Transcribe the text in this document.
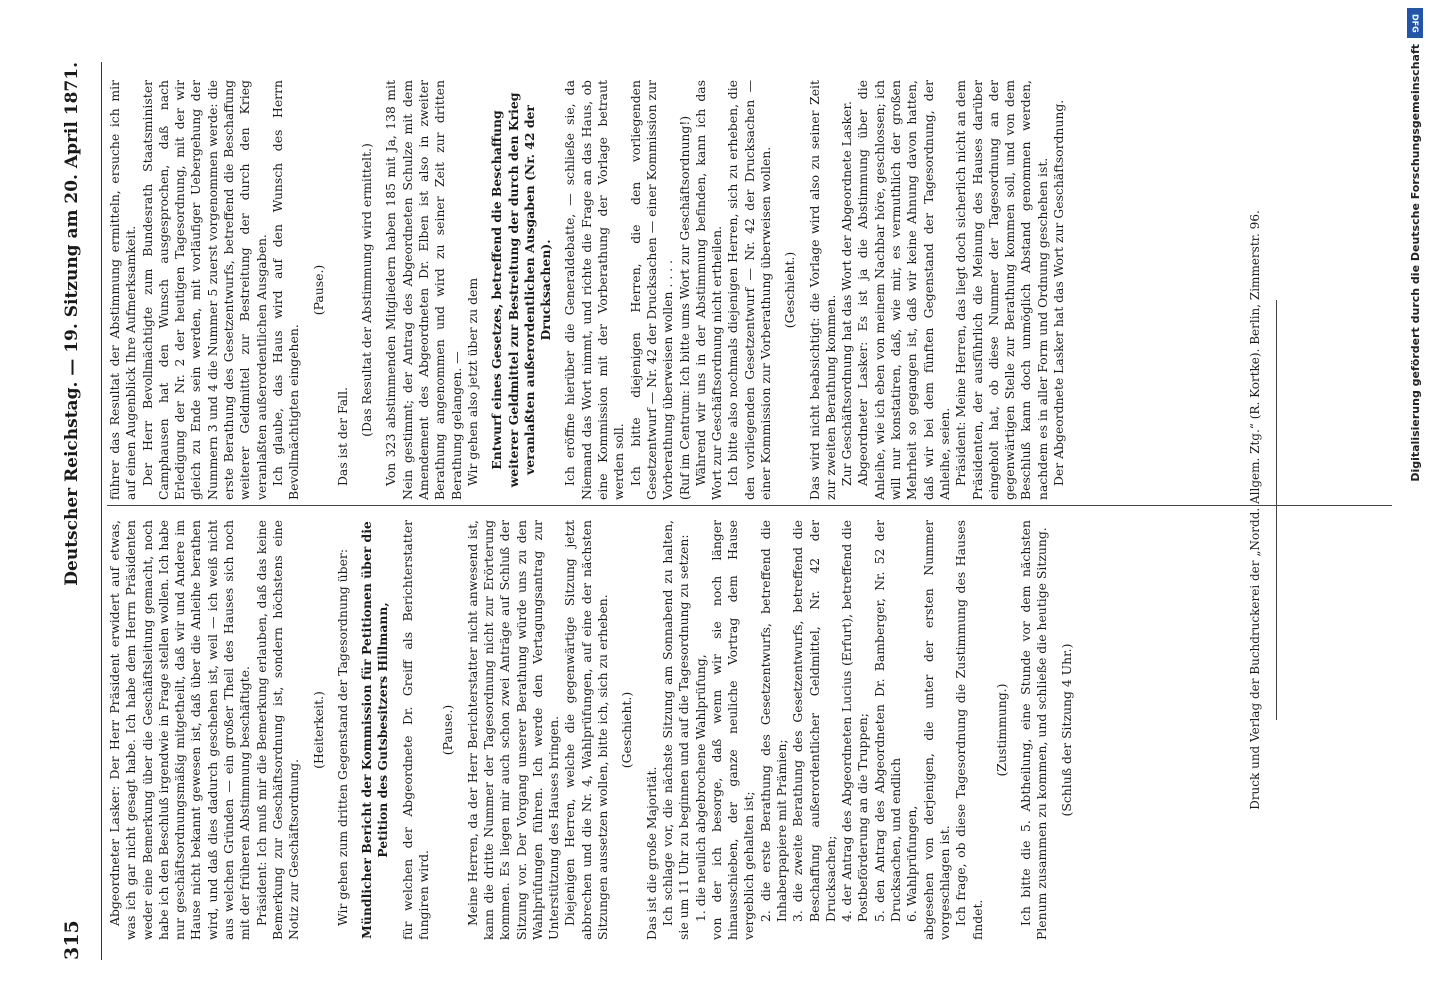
315
Deutscher Reichstag. — 19. Sitzung am 20. April 1871. führer das Resultat der Abstimmung ermitteln, ersuche ich mir auf einen Augenblick Ihre Aufmerksamkeit. Der Herr Bevollmächtigte zum Bundesrath Staatsminister Camphausen hat den Wunsch ausgesprochen, daß nach Erledigung der Nr. 2 der heutigen Tagesordnung, mit der wir gleich zu Ende sein werden, mit vorläufiger Uebergehung der Nummern 3 und 4 die Nummer 5 zuerst vorgenommen werde: die erste Berathung des Gesetzentwurfs, betreffend die Beschaffung weiterer Geldmittel zur Bestreitung der durch den Krieg veranlaßten außerordentlichen Ausgaben. Ich glaube, das Haus wird auf den Wunsch des Herrn Bevollmächtigten eingehen.
(Pause.)
Das ist der Fall. (Das Resultat der Abstimmung wird ermittelt.) Von 323 abstimmenden Mitgliedern haben 185 mit Ja, 138 mit Nein gestimmt; der Antrag des Abgeordneten Schulze mit dem Amendement des Abgeordneten Dr. Elben ist also in zweiter Berathung angenommen und wird zu seiner Zeit zur dritten Berathung gelangen. — Wir gehen also jetzt über zu dem Entwurf eines Gesetzes, betreffend die Beschaffung weiterer Geldmittel zur Bestreitung der durch den Krieg veranlaßten außerordentlichen Ausgaben (Nr. 42 der Drucksachen). Ich eröffne hierüber die Generaldebatte, — schließe sie, da Niemand das Wort nimmt, und richte die Frage an das Haus, ob eine Kommission mit der Vorberathung der Vorlage betraut werden soll. Ich bitte diejenigen Herren, die den vorliegenden Gesetzentwurf — Nr. 42 der Drucksachen — einer Kommission zur Vorberathung überweisen wollen . . . . (Ruf im Centrum: Ich bitte ums Wort zur Geschäftsordnung!) Während wir uns in der Abstimmung befinden, kann ich das Wort zur Geschäftsordnung nicht ertheilen. Ich bitte also nochmals diejenigen Herren, sich zu erheben, die den vorliegenden Gesetzentwurf — Nr. 42 der Drucksachen — einer Kommission zur Vorberathung überweisen wollen. (Geschieht.) Das wird nicht beabsichtigt: die Vorlage wird also zu seiner Zeit zur zweiten Berathung kommen. Zur Geschäftsordnung hat das Wort der Abgeordnete Lasker. Abgeordneter Lasker: Es ist ja die Abstimmung über die Anleihe, wie ich eben von meinem Nachbar höre, geschlossen; ich will nur konstatiren, daß, wie mir, es vermuthlich der großen Mehrheit so gegangen ist, daß wir keine Ahnung davon hatten, daß wir bei dem fünften Gegenstand der Tagesordnung, der Anleihe, seien. Präsident: Meine Herren, das liegt doch sicherlich nicht an dem Präsidenten, der ausführlich die Meinung des Hauses darüber eingeholt hat, ob diese Nummer der Tagesordnung an der gegenwärtigen Stelle zur Berathung kommen soll, und von dem Beschluß kann doch unmöglich Abstand genommen werden, nachdem es in aller Form und Ordnung geschehen ist. Der Abgeordnete Lasker hat das Wort zur Geschäftsordnung.
Abgeordneter Lasker: Der Herr Präsident erwidert auf etwas, was ich gar nicht gesagt habe. Ich habe dem Herrn Präsidenten weder eine Bemerkung über die Geschäftsleitung gemacht, noch habe ich den Beschluß irgendwie in Frage stellen wollen. Ich habe nur geschäftsordnungsmäßig mitgetheilt, daß wir und Andere im Hause nicht bekannt gewesen ist, daß über die Anleihe berathen wird, und daß dies dadurch geschehen ist, weil — ich weiß nicht aus welchen Gründen — ein großer Theil des Hauses sich noch mit der früheren Abstimmung beschäftigte. Präsident: Ich muß mir die Bemerkung erlauben, daß das keine Bemerkung zur Geschäftsordnung ist, sondern höchstens eine Notiz zur Geschäftsordnung.
(Heiterkeit.) Wir gehen zum dritten Gegenstand der Tagesordnung über: Mündlicher Bericht der Kommission für Petitionen über die Petition des Gutsbesitzers Hillmann, für welchen der Abgeordnete Dr. Greiff als Berichterstatter fungiren wird.
(Pause.) Meine Herren, da der Herr Berichterstatter nicht anwesend ist, kann die dritte Nummer der Tagesordnung nicht zur Erörterung kommen. Es liegen mir auch schon zwei Anträge auf Schluß der Sitzung vor. Der Vorgang unserer Berathung würde uns zu den Wahlprüfungen führen. Ich werde den Vertagungsantrag zur Unterstützung des Hauses bringen. Diejenigen Herren, welche die gegenwärtige Sitzung jetzt abbrechen und die Nr. 4, Wahlprüfungen, auf eine der nächsten Sitzungen aussetzen wollen, bitte ich, sich zu erheben. (Geschieht.)
Das ist die große Majorität. Ich schlage vor, die nächste Sitzung am Sonnabend zu halten, sie um 11 Uhr zu beginnen und auf die Tagesordnung zu setzen: 1. die neulich abgebrochene Wahlprüfung, von der ich besorge, daß wenn wir sie noch länger hinausschieben, der ganze neuliche Vortrag dem Hause vergeblich gehalten ist; 2. die erste Berathung des Gesetzentwurfs, betreffend die Inhaberpapiere mit Prämien; 3. die zweite Berathung des Gesetzentwurfs, betreffend die Beschaffung außerordentlicher Geldmittel, Nr. 42 der Drucksachen; 4. der Antrag des Abgeordneten Lucius (Erfurt), betreffend die Postbeförderung an die Truppen; 5. den Antrag des Abgeordneten Dr. Bamberger, Nr. 52 der Drucksachen, und endlich 6. Wahlprüfungen, abgesehen von derjenigen, die unter der ersten Nummer vorgeschlagen ist. Ich frage, ob diese Tagesordnung die Zustimmung des Hauses findet.
(Zustimmung.) Ich bitte die 5. Abtheilung, eine Stunde vor dem nächsten Plenum zusammen zu kommen, und schließe die heutige Sitzung. (Schluß der Sitzung 4 Uhr.)	Druck und Verlag der Buchdruckerei der „Nordd. Allgem. Ztg.“ (R. Kortke). Berlin, Zimmerstr. 96.
DFG
Digitalisierung gefördert durch die Deutsche Forschungsgemeinschaft
